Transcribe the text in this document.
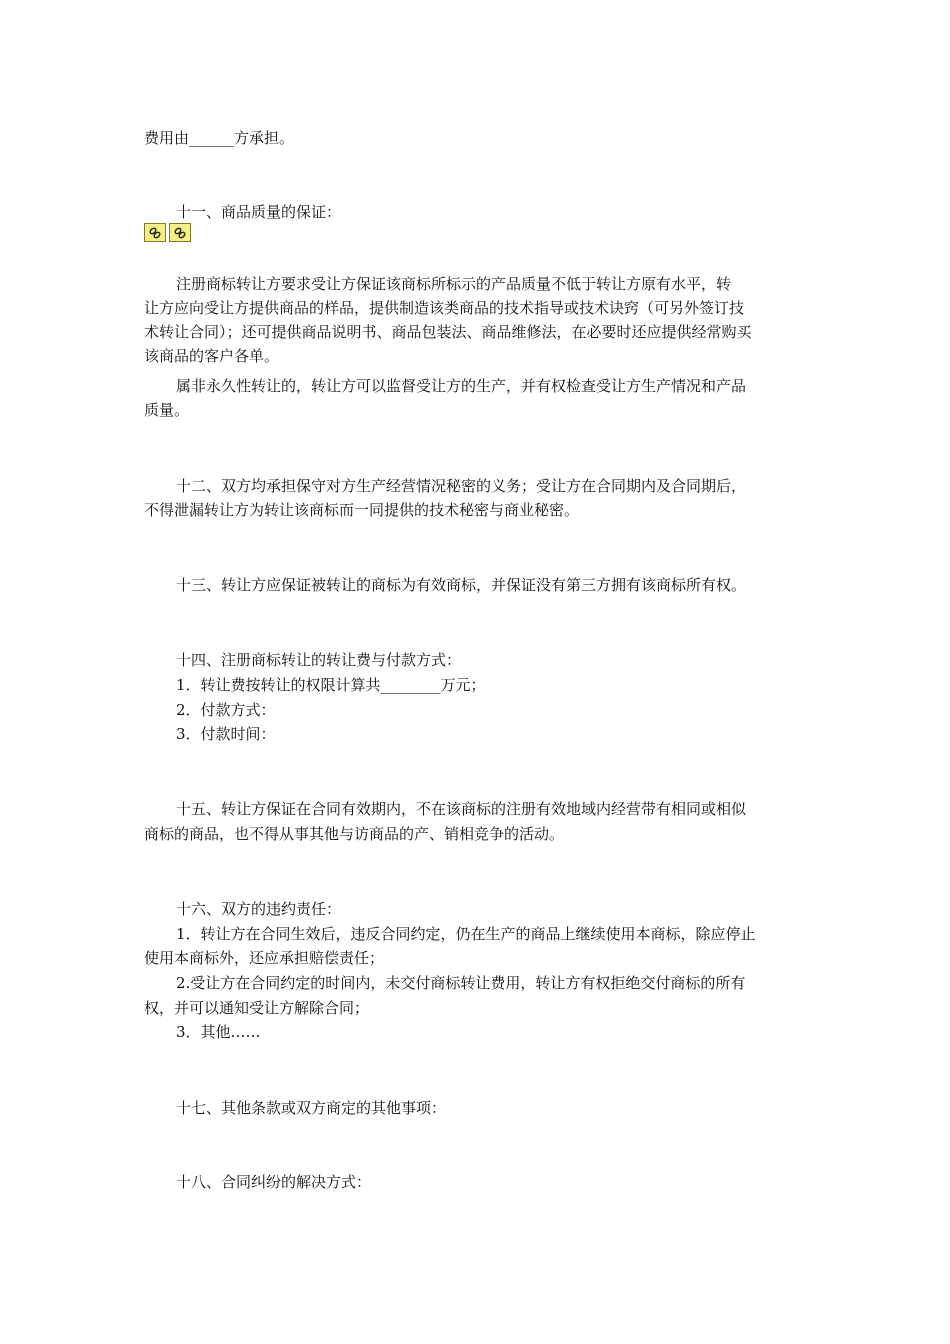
费用由______方承担。
十一、商品质量的保证：
注册商标转让方要求受让方保证该商标所标示的产品质量不低于转让方原有水平，转
让方应向受让方提供商品的样品，提供制造该类商品的技术指导或技术诀窍（可另外签订技
术转让合同）；还可提供商品说明书、商品包装法、商品维修法，在必要时还应提供经常购买
该商品的客户各单。
属非永久性转让的，转让方可以监督受让方的生产，并有权检查受让方生产情况和产品
质量。
十二、双方均承担保守对方生产经营情况秘密的义务；受让方在合同期内及合同期后，
不得泄漏转让方为转让该商标而一同提供的技术秘密与商业秘密。
十三、转让方应保证被转让的商标为有效商标，并保证没有第三方拥有该商标所有权。
十四、注册商标转让的转让费与付款方式：
1．转让费按转让的权限计算共________万元；
2．付款方式：
3．付款时间：
十五、转让方保证在合同有效期内，不在该商标的注册有效地域内经营带有相同或相似
商标的商品，也不得从事其他与访商品的产、销相竞争的活动。
十六、双方的违约责任：
1．转让方在合同生效后，违反合同约定，仍在生产的商品上继续使用本商标，除应停止
使用本商标外，还应承担赔偿责任；
2.受让方在合同约定的时间内，未交付商标转让费用，转让方有权拒绝交付商标的所有
权，并可以通知受让方解除合同；
3．其他……
十七、其他条款或双方商定的其他事项：
十八、合同纠纷的解决方式：
